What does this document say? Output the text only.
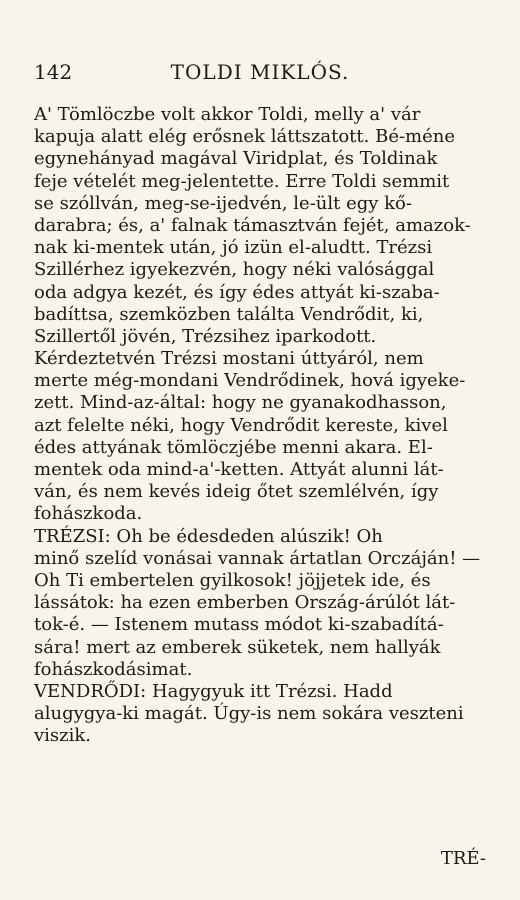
142	TOLDI MIKLÓS.
A' Tömlöczbe volt akkor Toldi, melly a' vár
kapuja alatt elég erősnek láttszatott. Bé-méne
egynehányad magával Viridplat, és Toldinak
feje vételét meg-jelentette. Erre Toldi semmit
se szóllván, meg-se-ijedvén, le-ült egy kő-
darabra; és, a' falnak támasztván fejét, amazok-
nak ki-mentek után, jó izün el-aludtt. Trézsi
Szillérhez igyekezvén, hogy néki valósággal
oda adgya kezét, és így édes attyát ki-szaba-
badíttsa, szemközben találta Vendrődit, ki,
Szillertől jövén, Trézsihez iparkodott.
Kérdeztetvén Trézsi mostani úttyáról, nem
merte még-mondani Vendrődinek, hová igyeke-
zett. Mind-az-által: hogy ne gyanakodhasson,
azt felelte néki, hogy Vendrődit kereste, kivel
édes attyának tömlöczjébe menni akara. El-
mentek oda mind-a'-ketten. Attyát alunni lát-
ván, és nem kevés ideig őtet szemlélvén, így
fohászkoda.
TRÉZSI: Oh be édesdeden alúszik! Oh
minő szelíd vonásai vannak ártatlan Orczáján! —
Oh Ti embertelen gyilkosok! jöjjetek ide, és
lássátok: ha ezen emberben Ország-árúlót lát-
tok-é. — Istenem mutass módot ki-szabadítá-
sára! mert az emberek süketek, nem hallyák
fohászkodásimat.
VENDRŐDI: Hagygyuk itt Trézsi. Hadd
alugygya-ki magát. Úgy-is nem sokára veszteni
viszik.
TRÉ-
